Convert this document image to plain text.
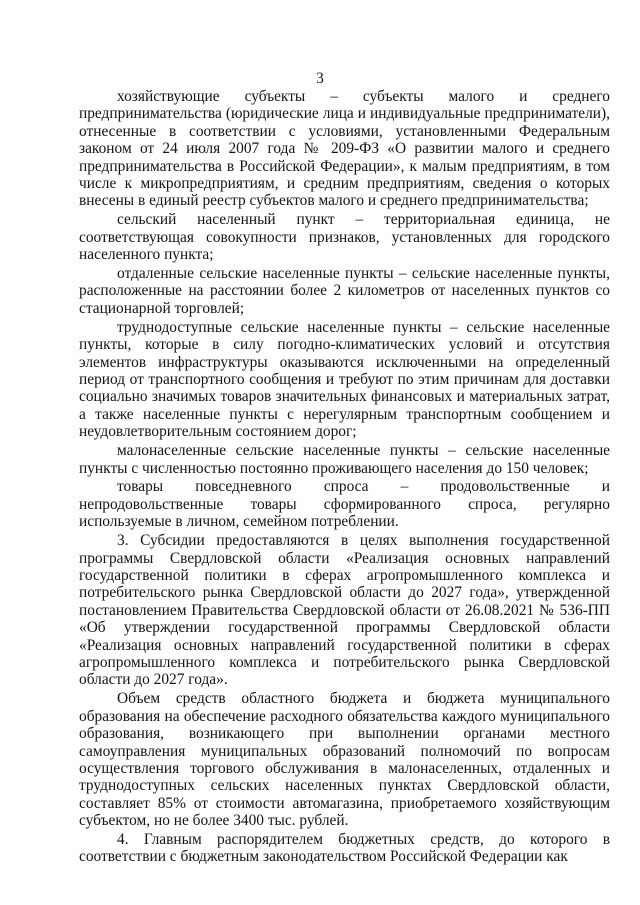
3

хозяйствующие субъекты – субъекты малого и среднего предпринимательства (юридические лица и индивидуальные предприниматели), отнесенные в соответствии с условиями, установленными Федеральным законом от 24 июля 2007 года № 209-ФЗ «О развитии малого и среднего предпринимательства в Российской Федерации», к малым предприятиям, в том числе к микропредприятиям, и средним предприятиям, сведения о которых внесены в единый реестр субъектов малого и среднего предпринимательства;

сельский населенный пункт – территориальная единица, не соответствующая совокупности признаков, установленных для городского населенного пункта;

отдаленные сельские населенные пункты – сельские населенные пункты, расположенные на расстоянии более 2 километров от населенных пунктов со стационарной торговлей;

труднодоступные сельские населенные пункты – сельские населенные пункты, которые в силу погодно-климатических условий и отсутствия элементов инфраструктуры оказываются исключенными на определенный период от транспортного сообщения и требуют по этим причинам для доставки социально значимых товаров значительных финансовых и материальных затрат, а также населенные пункты с нерегулярным транспортным сообщением и неудовлетворительным состоянием дорог;

малонаселенные сельские населенные пункты – сельские населенные пункты с численностью постоянно проживающего населения до 150 человек;

товары повседневного спроса – продовольственные и непродовольственные товары сформированного спроса, регулярно используемые в личном, семейном потреблении.

3. Субсидии предоставляются в целях выполнения государственной программы Свердловской области «Реализация основных направлений государственной политики в сферах агропромышленного комплекса и потребительского рынка Свердловской области до 2027 года», утвержденной постановлением Правительства Свердловской области от 26.08.2021 № 536-ПП «Об утверждении государственной программы Свердловской области «Реализация основных направлений государственной политики в сферах агропромышленного комплекса и потребительского рынка Свердловской области до 2027 года».

Объем средств областного бюджета и бюджета муниципального образования на обеспечение расходного обязательства каждого муниципального образования, возникающего при выполнении органами местного самоуправления муниципальных образований полномочий по вопросам осуществления торгового обслуживания в малонаселенных, отдаленных и труднодоступных сельских населенных пунктах Свердловской области, составляет 85% от стоимости автомагазина, приобретаемого хозяйствующим субъектом, но не более 3400 тыс. рублей.

4. Главным распорядителем бюджетных средств, до которого в соответствии с бюджетным законодательством Российской Федерации как
